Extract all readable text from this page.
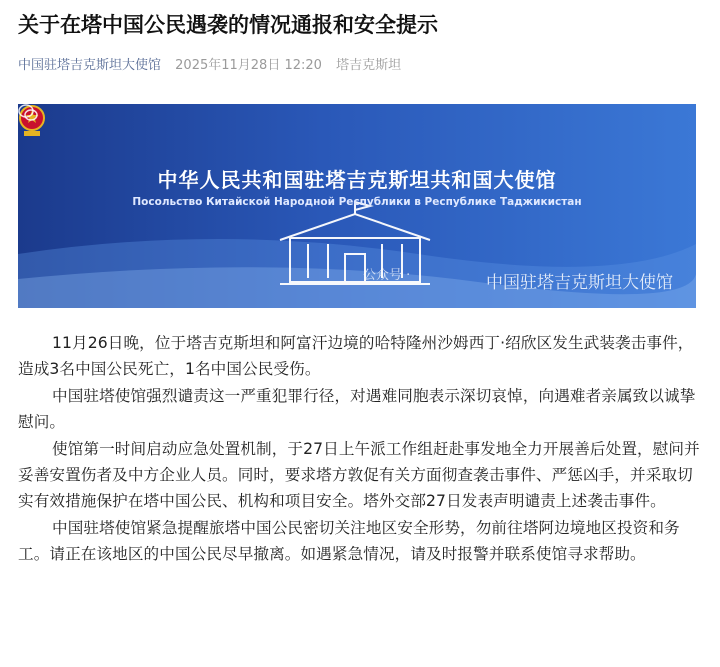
关于在塔中国公民遇袭的情况通报和安全提示
中国驻塔吉克斯坦大使馆 2025年11月28日 12:20 塔吉克斯坦
中华人民共和国驻塔吉克斯坦共和国大使馆
Посольство Китайской Народной Республики в Республике Таджикистан
公众号 ·	中国驻塔吉克斯坦大使馆

11月26日晚，位于塔吉克斯坦和阿富汗边境的哈特隆州沙姆西丁·绍欣区发生武装袭击事件，造成3名中国公民死亡，1名中国公民受伤。

中国驻塔使馆强烈谴责这一严重犯罪行径，对遇难同胞表示深切哀悼，向遇难者亲属致以诚挚慰问。

使馆第一时间启动应急处置机制，于27日上午派工作组赶赴事发地全力开展善后处置，慰问并妥善安置伤者及中方企业人员。同时，要求塔方敦促有关方面彻查袭击事件、严惩凶手，并采取切实有效措施保护在塔中国公民、机构和项目安全。塔外交部27日发表声明谴责上述袭击事件。

中国驻塔使馆紧急提醒旅塔中国公民密切关注地区安全形势，勿前往塔阿边境地区投资和务工。请正在该地区的中国公民尽早撤离。如遇紧急情况，请及时报警并联系使馆寻求帮助。
